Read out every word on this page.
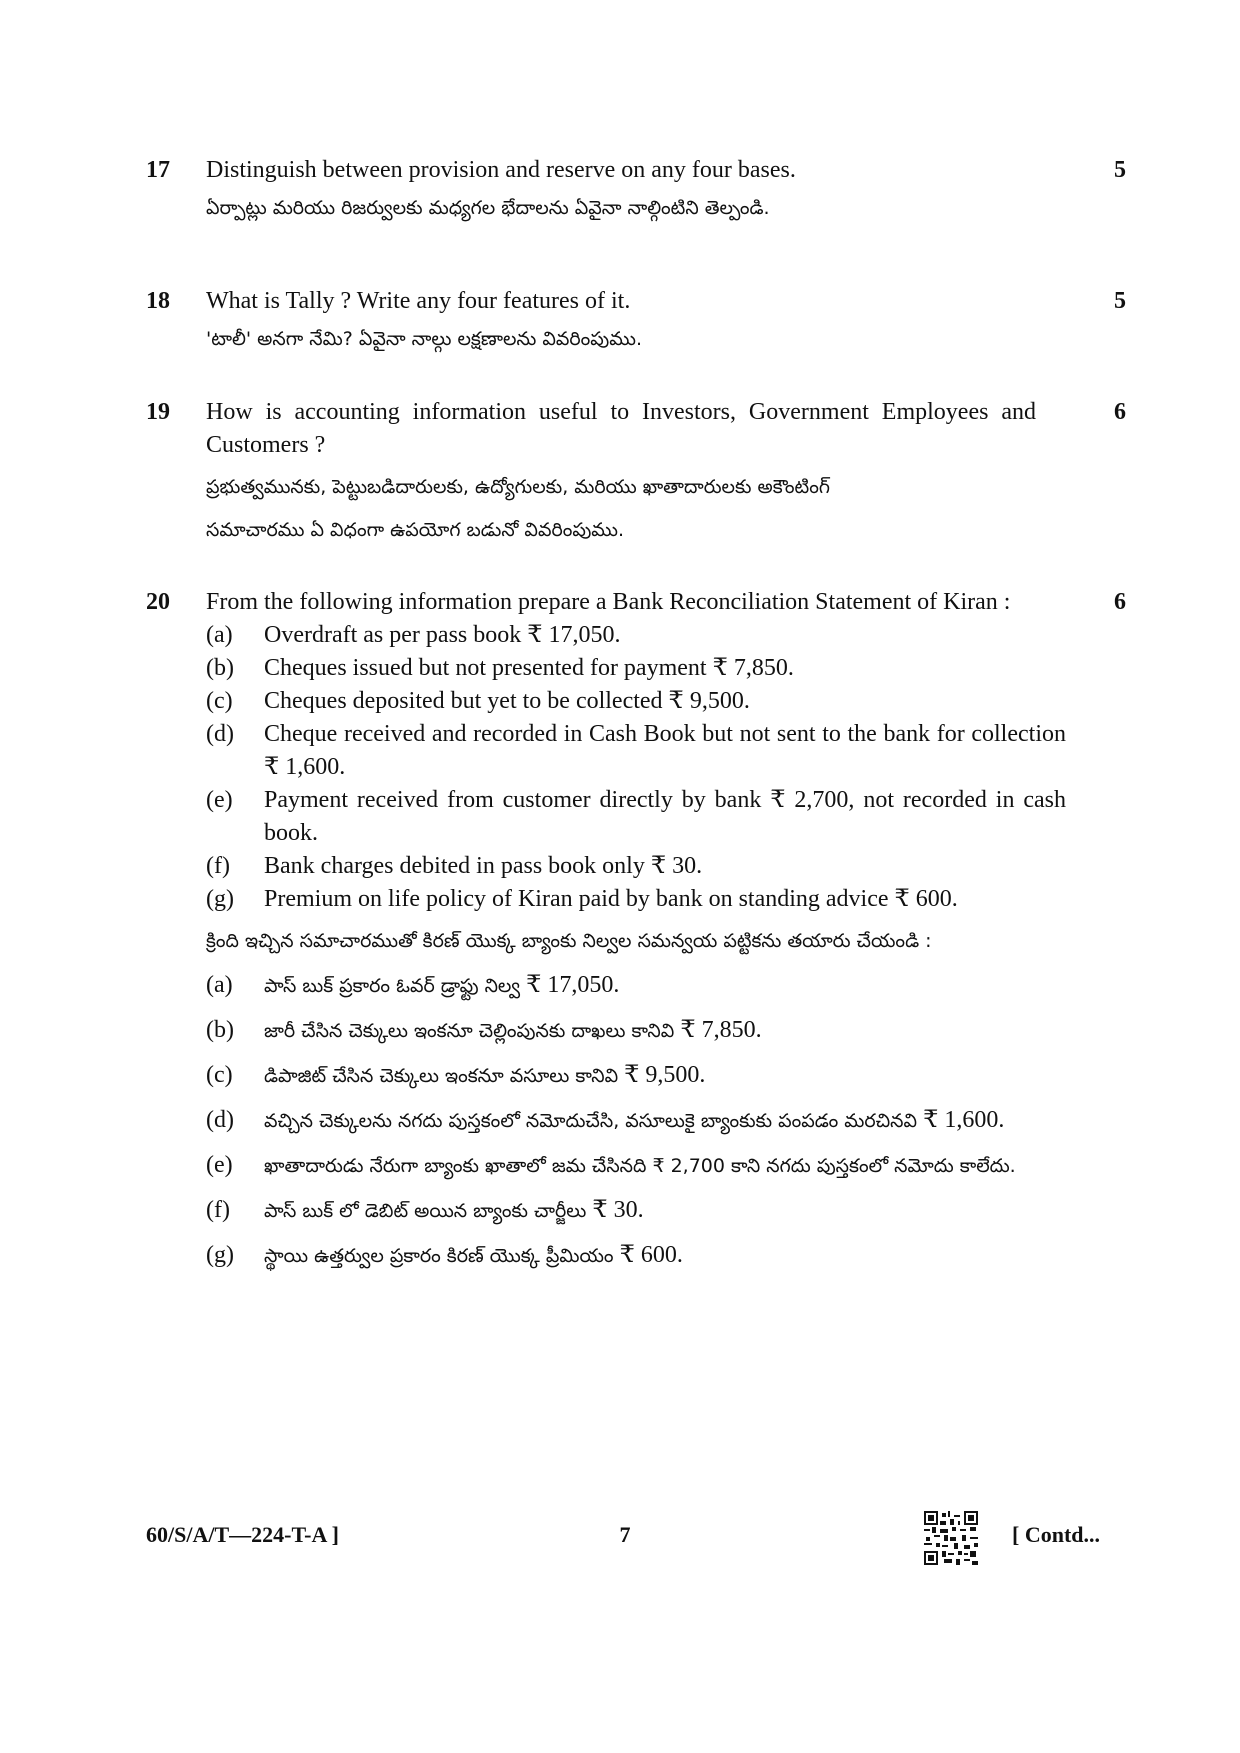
17	Distinguish between provision and reserve on any four bases.

ఏర్పాట్లు మరియు రిజర్వులకు మధ్యగల భేదాలను ఏవైనా నాల్గింటిని తెల్పండి.

5
18	What is Tally ? Write any four features of it.

'టాలీ' అనగా నేమి? ఏవైనా నాల్గు లక్షణాలను వివరింపుము.

5
19	How is accounting information useful to Investors, Government Employees and Customers ?

ప్రభుత్వమునకు, పెట్టుబడిదారులకు, ఉద్యోగులకు, మరియు ఖాతాదారులకు అకౌంటింగ్

సమాచారము ఏ విధంగా ఉపయోగ బడునో వివరింపుము.

6
20	From the following information prepare a Bank Reconciliation Statement of Kiran :

(a) Overdraft as per pass book ₹ 17,050.
(b) Cheques issued but not presented for payment ₹ 7,850.
(c) Cheques deposited but yet to be collected ₹ 9,500.
(d) Cheque received and recorded in Cash Book but not sent to the bank for collection ₹ 1,600.
(e) Payment received from customer directly by bank ₹ 2,700, not recorded in cash book.
(f) Bank charges debited in pass book only ₹ 30.
(g) Premium on life policy of Kiran paid by bank on standing advice ₹ 600.

క్రింది ఇచ్చిన సమాచారముతో కిరణ్ యొక్క బ్యాంకు నిల్వల సమన్వయ పట్టికను తయారు చేయండి :

(a) పాస్ బుక్ ప్రకారం ఓవర్ డ్రాఫ్టు నిల్వ ₹ 17,050.
(b) జారీ చేసిన చెక్కులు ఇంకనూ చెల్లింపునకు దాఖలు కానివి ₹ 7,850.
(c) డిపాజిట్ చేసిన చెక్కులు ఇంకనూ వసూలు కానివి ₹ 9,500.
(d) వచ్చిన చెక్కులను నగదు పుస్తకంలో నమోదుచేసి, వసూలుకై బ్యాంకుకు పంపడం మరచినవి ₹ 1,600.
(e) ఖాతాదారుడు నేరుగా బ్యాంకు ఖాతాలో జమ చేసినది ₹ 2,700 కాని నగదు పుస్తకంలో నమోదు కాలేదు.
(f) పాస్ బుక్ లో డెబిట్ అయిన బ్యాంకు చార్జీలు ₹ 30.
(g) స్థాయి ఉత్తర్వుల ప్రకారం కిరణ్ యొక్క ప్రీమియం ₹ 600.
6
60/S/A/T—224-T-A ]	7	[ Contd...
